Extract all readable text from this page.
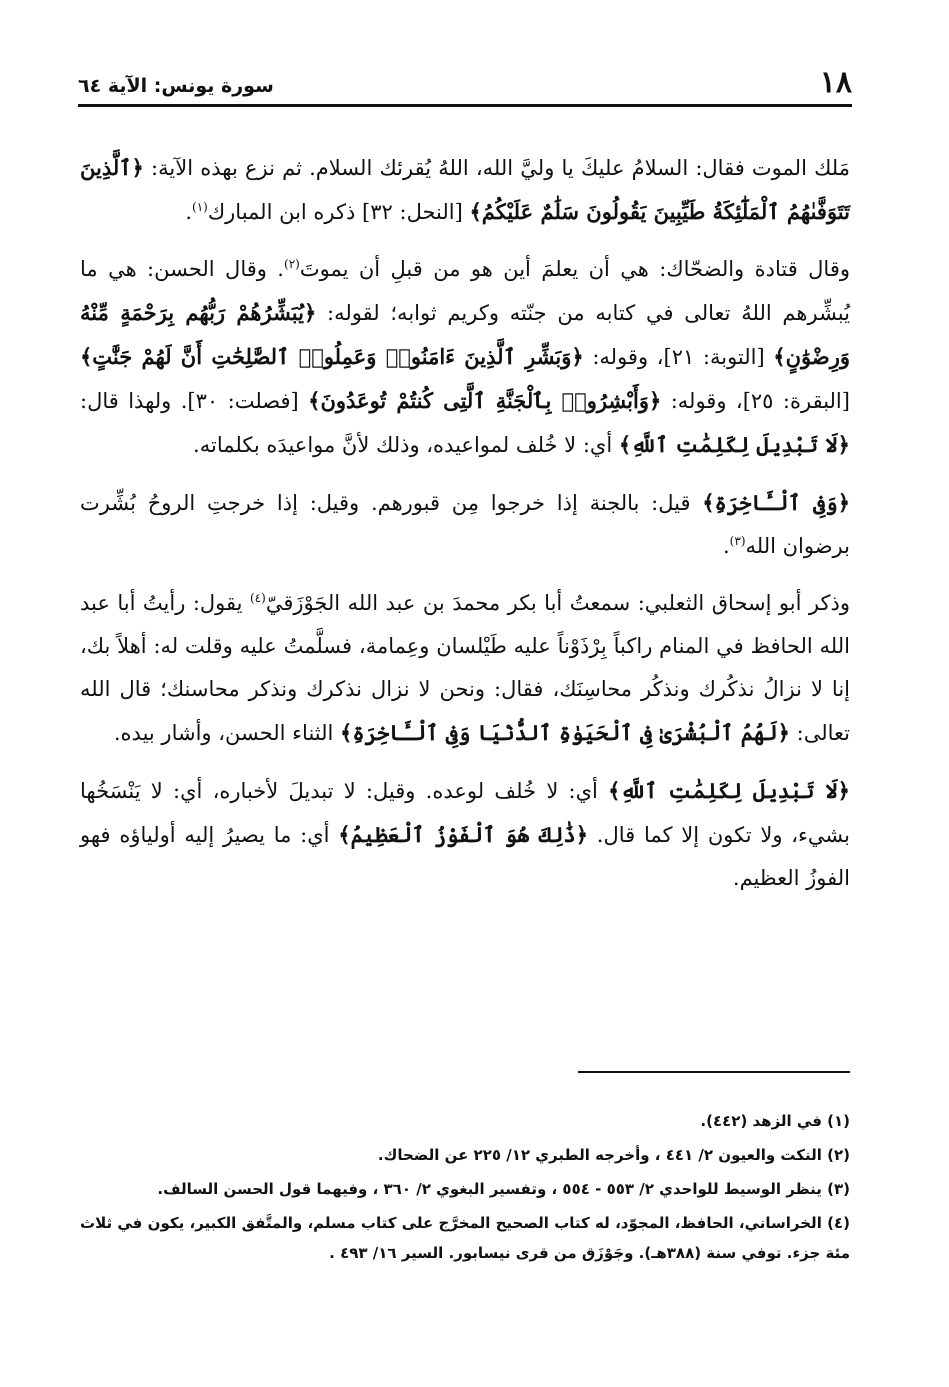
١٨
سورة يونس: الآية ٦٤

مَلك الموت فقال: السلامُ عليكَ يا وليَّ الله، اللهُ يُقرئك السلام. ثم نزع بهذه الآية: ﴿ٱلَّذِينَ تَتَوَفَّىٰهُمُ ٱلْمَلَٰٓئِكَةُ طَيِّبِينَ يَقُولُونَ سَلَٰمٌ عَلَيْكُمُ﴾ [النحل: ٣٢] ذكره ابن المبارك$^{(١)}$.

وقال قتادة والضحّاك: هي أن يعلمَ أين هو من قبلِ أن يموتَ$^{(٢)}$. وقال الحسن: هي ما يُبشِّرهم اللهُ تعالى في كتابه من جنّته وكريم ثوابه؛ لقوله: ﴿يُبَشِّرُهُمْ رَبُّهُم بِرَحْمَةٍ مِّنْهُ وَرِضْوَٰنٍ﴾ [التوبة: ٢١]، وقوله: ﴿وَبَشِّرِ ٱلَّذِينَ ءَامَنُوا۟ وَعَمِلُوا۟ ٱلصَّٰلِحَٰتِ أَنَّ لَهُمْ جَنَّٰتٍ﴾ [البقرة: ٢٥]، وقوله: ﴿وَأَبْشِرُوا۟ بِٱلْجَنَّةِ ٱلَّتِى كُنتُمْ تُوعَدُونَ﴾ [فصلت: ٣٠]. ولهذا قال: ﴿لَا تَبْدِيلَ لِكَلِمَٰتِ ٱللَّهِ﴾ أي: لا خُلف لمواعيده، وذلك لأنَّ مواعيدَه بكلماته.

﴿وَفِى ٱلْـَٔاخِرَةِ﴾ قيل: بالجنة إذا خرجوا مِن قبورهم. وقيل: إذا خرجتِ الروحُ بُشِّرت برضوان الله$^{(٣)}$.

وذكر أبو إسحاق الثعلبي: سمعتُ أبا بكر محمدَ بن عبد الله الجَوْزَقيّ$^{(٤)}$ يقول: رأيتُ أبا عبد الله الحافظ في المنام راكباً بِرْذَوْناً عليه طَيْلسان وعِمامة، فسلَّمتُ عليه وقلت له: أهلاً بك، إنا لا نزالُ نذكُرك ونذكُر محاسِنَك، فقال: ونحن لا نزال نذكرك ونذكر محاسنك؛ قال الله تعالى: ﴿لَهُمُ ٱلْبُشْرَىٰ فِى ٱلْحَيَوٰةِ ٱلدُّنْيَا وَفِى ٱلْـَٔاخِرَةِ﴾ الثناء الحسن، وأشار بيده.

﴿لَا تَبْدِيلَ لِكَلِمَٰتِ ٱللَّهِ﴾ أي: لا خُلف لوعده. وقيل: لا تبديلَ لأخباره، أي: لا يَنْسَخُها بشيء، ولا تكون إلا كما قال. ﴿ذَٰلِكَ هُوَ ٱلْفَوْزُ ٱلْعَظِيمُ﴾ أي: ما يصيرُ إليه أولياؤه فهو الفوزُ العظيم.

(١) في الزهد (٤٤٢).

(٢) النكت والعيون ٢/ ٤٤١ ، وأخرجه الطبري ١٢/ ٢٢٥ عن الضحاك.

(٣) ينظر الوسيط للواحدي ٢/ ٥٥٣ - ٥٥٤ ، وتفسير البغوي ٢/ ٣٦٠ ، وفيهما قول الحسن السالف.

(٤) الخراساني، الحافظ، المجوّد، له كتاب الصحيح المخرَّج على كتاب مسلم، والمتَّفق الكبير، يكون في ثلاث مئة جزء. توفي سنة (٣٨٨هـ). وجَوْزَق من قرى نيسابور. السير ١٦/ ٤٩٣ .
